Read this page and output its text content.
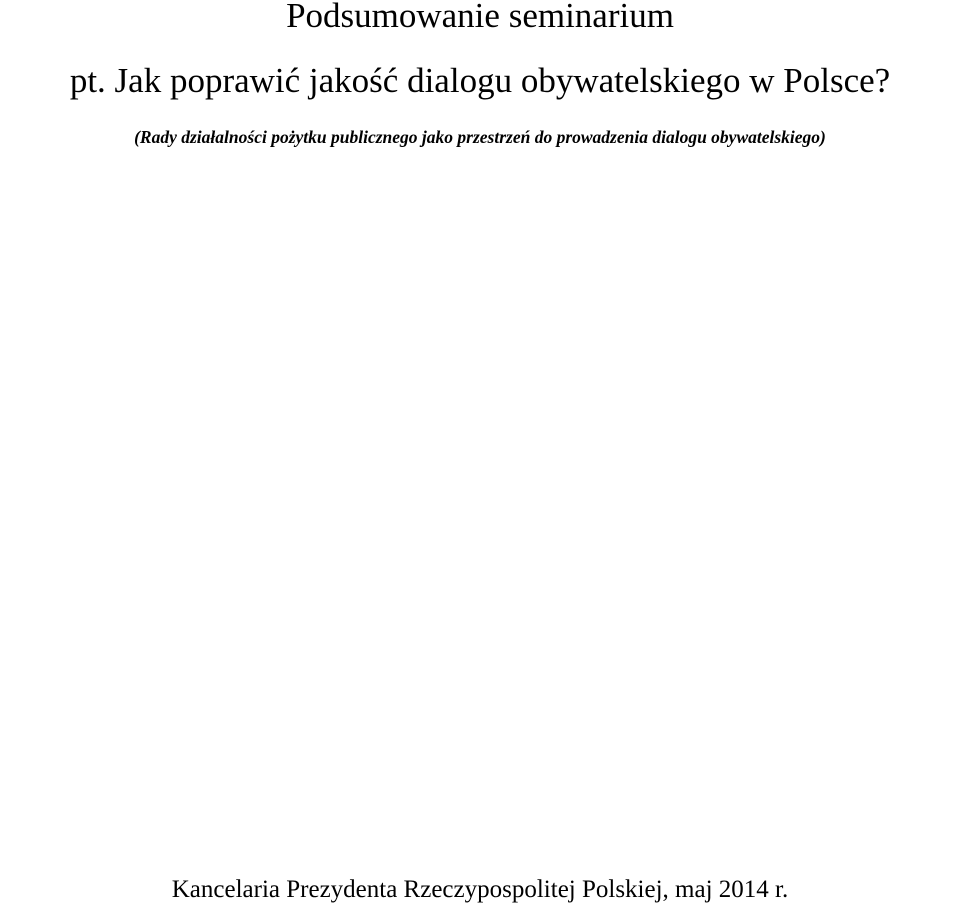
Podsumowanie seminarium
pt. Jak poprawić jakość dialogu obywatelskiego w Polsce?

(Rady działalności pożytku publicznego jako przestrzeń do prowadzenia dialogu obywatelskiego)

Kancelaria Prezydenta Rzeczypospolitej Polskiej, maj 2014 r.
